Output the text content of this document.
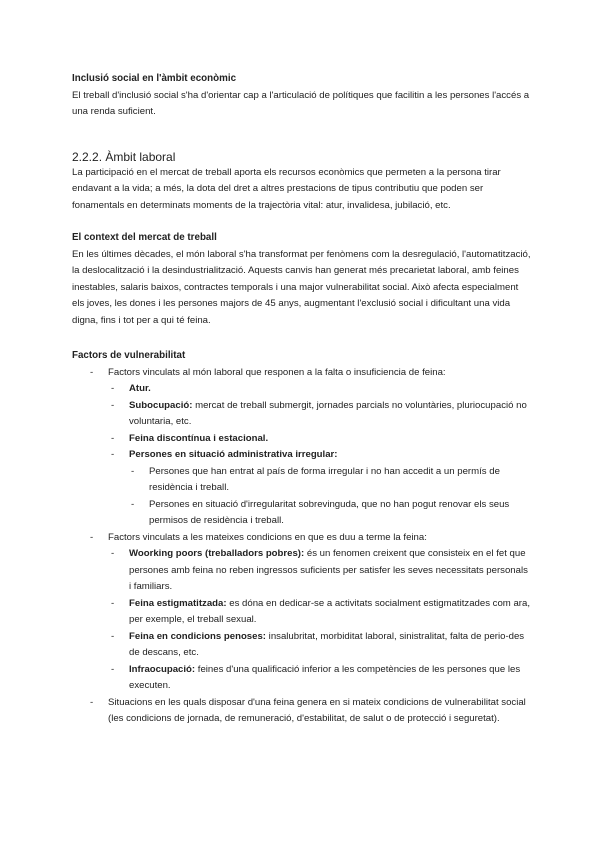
Inclusió social en l'àmbit econòmic

El treball d'inclusió social s'ha d'orientar cap a l'articulació de polítiques que facilitin a les persones l'accés a una renda suficient.

2.2.2. Àmbit laboral

La participació en el mercat de treball aporta els recursos econòmics que permeten a la persona tirar endavant a la vida; a més, la dota del dret a altres prestacions de tipus contributiu que poden ser fonamentals en determinats moments de la trajectòria vital: atur, invalidesa, jubilació, etc.

El context del mercat de treball

En les últimes dècades, el món laboral s'ha transformat per fenòmens com la desregulació, l'automatització, la deslocalització i la desindustrialització. Aquests canvis han generat més precarietat laboral, amb feines inestables, salaris baixos, contractes temporals i una major vulnerabilitat social. Això afecta especialment els joves, les dones i les persones majors de 45 anys, augmentant l'exclusió social i dificultant una vida digna, fins i tot per a qui té feina.

Factors de vulnerabilitat

- Factors vinculats al món laboral que responen a la falta o insuficiencia de feina:
- Atur.
- Subocupació: mercat de treball submergit, jornades parcials no voluntàries, pluriocupació no voluntaria, etc.
- Feina discontínua i estacional.
- Persones en situació administrativa irregular:
- Persones que han entrat al país de forma irregular i no han accedit a un permís de residència i treball.
- Persones en situació d'irregularitat sobrevinguda, que no han pogut renovar els seus permisos de residència i treball.
- Factors vinculats a les mateixes condicions en que es duu a terme la feina:
- Woorking poors (treballadors pobres): és un fenomen creixent que consisteix en el fet que persones amb feina no reben ingressos suficients per satisfer les seves necessitats personals i familiars.
- Feina estigmatitzada: es dóna en dedicar-se a activitats socialment estigmatitzades com ara, per exemple, el treball sexual.
- Feina en condicions penoses: insalubritat, morbiditat laboral, sinistralitat, falta de perio-des de descans, etc.
- Infraocupació: feines d'una qualificació inferior a les competències de les persones que les executen.
- Situacions en les quals disposar d'una feina genera en si mateix condicions de vulnerabilitat social (les condicions de jornada, de remuneració, d'estabilitat, de salut o de protecció i seguretat).
